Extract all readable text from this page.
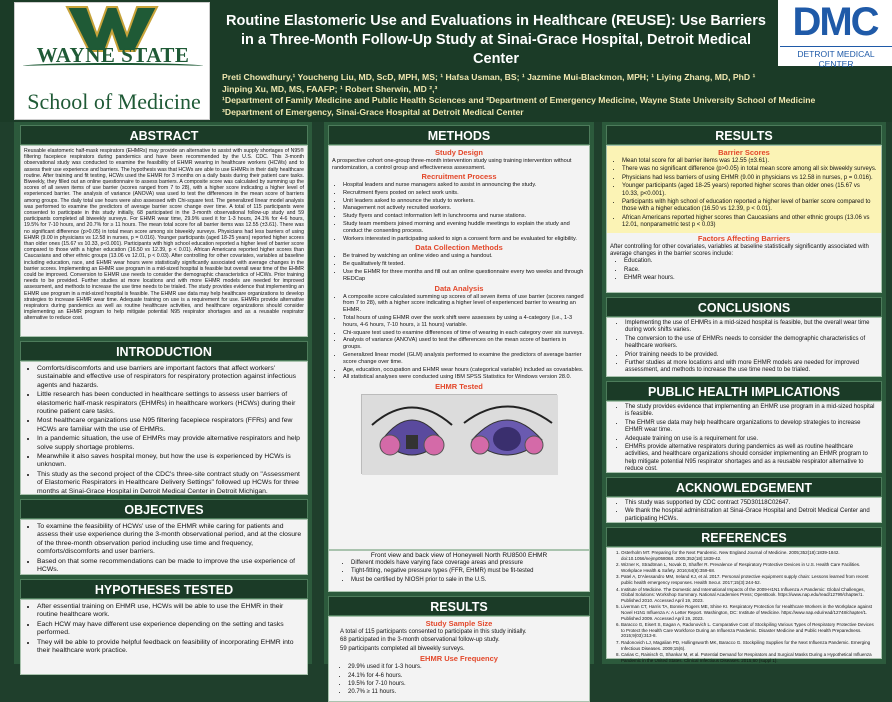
WAYNE STATE
School of Medicine
Routine Elastomeric Use and Evaluations in Healthcare (REUSE): Use Barriers in a Three-Month Follow-Up Study at Sinai-Grace Hospital, Detroit Medical Center
DMC
DETROIT MEDICAL CENTER
Preti Chowdhury,¹ Youcheng Liu, MD, ScD, MPH, MS; ¹ Hafsa Usman, BS; ¹ Jazmine Mui-Blackmon, MPH; ¹ Liying Zhang, MD, PhD ¹
Jinping Xu, MD, MS, FAAFP; ¹ Robert Sherwin, MD ²,³
¹Department of Family Medicine and Public Health Sciences and ²Department of Emergency Medicine, Wayne State University School of Medicine
³Department of Emergency, Sinai-Grace Hospital at Detroit Medical Center
ABSTRACT
Reusable elastomeric half-mask respirators (EHMRs) may provide an alternative to assist with supply shortages of N95® filtering facepiece respirators during pandemics and have been recommended by the U.S. CDC. This 3-month observational study was conducted to examine the feasibility of EHMR wearing in healthcare workers (HCWs) and to assess their use experience and barriers. The hypothesis was that HCWs are able to use EHMRs in their daily healthcare routine. After training and fit testing, HCWs used the EHMR for 3 months on a daily basis during their patient care tasks. Biweekly, they filled out an online questionnaire to assess barriers. A composite score was calculated by summing up the scores of all seven items of use barrier (scores ranged from 7 to 28), with a higher score indicating a higher level of experienced barrier. The analysis of variance (ANOVA) was used to test the differences in the mean score of barriers among groups. The daily total use hours were also assessed with Chi-square test. The generalized linear model analysis was performed to examine the predictors of average barrier score change over time. A total of 115 participants were consented to participate in this study initially, 68 participated in the 3-month observational follow-up study and 59 participants completed all biweekly surveys. For EHMR wear time, 29.9% used it for 1-3 hours, 24.1% for 4-6 hours, 19.5% for 7-10 hours, and 20.7% for ≥ 11 hours. The mean total score for all barrier items was 12.55 (±3.61). There was no significant difference (p>0.05) in total mean score among six biweekly surveys. Physicians had less barriers of using EHMR (9.00 in physicians vs 12.58 in nurses, p = 0.016). Younger participants (aged 18-25 years) reported higher scores than older ones (15.67 vs 10.33, p<0.001). Participants with high school education reported a higher level of barrier score compared to those with a higher education (16.50 vs 12.39, p < 0.01). African Americans reported higher scores than Caucasians and other ethnic groups (13.06 vs 12.01, p < 0.03). After controlling for other covariates, variables at baseline including education, race, and EHMR wear hours were statistically significantly associated with average changes in the barrier scores. Implementing an EHMR use program in a mid-sized hospital is feasible but overall wear time of the EHMR could be improved. Conversion to EHMR use needs to consider the demographic characteristics of HCWs. Prior training needs to be provided. Further studies at more locations and with more EHMR models are needed for improved assessment, and methods to increase the use time needs to be trialed. The study provides evidence that implementing an EHMR use program in a mid-sized hospital is feasible. The EHMR use data may help healthcare organizations to develop strategies to increase EHMR wear time. Adequate training on use is a requirement for use. EHMRs provide alternative respirators during pandemics as well as routine healthcare activities, and healthcare organizations should consider implementing an EHMR program to help mitigate potential N95 respirator shortages and as a reusable respirator alternative to reduce cost.
INTRODUCTION
• Comforts/discomforts and use barriers are important factors that affect workers' sustainable and effective use of respirators for respiratory protection against infectious agents and hazards.
• Little research has been conducted in healthcare settings to assess user barriers of elastomeric half-mask respirators (EHMRs) in healthcare workers (HCWs) during their routine patient care tasks.
• Most healthcare organizations use N95 filtering facepiece respirators (FFRs) and few HCWs are familiar with the use of EHMRs.
• In a pandemic situation, the use of EHMRs may provide alternative respirators and help solve supply shortage problems.
• Meanwhile it also saves hospital money, but how the use is experienced by HCWs is unknown.
• This study as the second project of the CDC's three-site contract study on "Assessment of Elastomeric Respirators in Healthcare Delivery Settings" followed up HCWs for three months at Sinai-Grace Hospital in Detroit Medical Center in Detroit Michigan.
OBJECTIVES
• To examine the feasibility of HCWs' use of the EHMR while caring for patients and assess their use experience during the 3-month observational period, and at the closure of the three-month observation period including use time and frequency, comforts/discomforts and user barriers.
• Based on that some recommendations can be made to improve the use experience of HCWs.
HYPOTHESES TESTED
• After essential training on EHMR use, HCWs will be able to use the EHMR in their routine healthcare work.
• Each HCW may have different use experience depending on the setting and tasks performed.
• They will be able to provide helpful feedback on feasibility of incorporating EHMR into their healthcare work practice.
METHODS
Study Design
A prospective cohort one-group three-month intervention study using training intervention without randomization, a control group and effectiveness assessment.
Recruitment Process
• Hospital leaders and nurse managers asked to assist in announcing the study.
• Recruitment flyers posted on select work units.
• Unit leaders asked to announce the study to workers.
• Management not actively recruited workers.
• Study flyers and contact information left in lunchrooms and nurse stations.
• Study team members joined morning and evening huddle meetings to explain the study and conduct the consenting process.
• Workers interested in participating asked to sign a consent form and be evaluated for eligibility.
Data Collection Methods
• Be trained by watching an online video and using a handout.
• Be qualitatively fit tested.
• Use the EHMR for three months and fill out an online questionnaire every two weeks and through REDCap
Data Analysis
• A composite score calculated summing up scores of all seven items of use barrier (scores ranged from 7 to 28), with a higher score indicating a higher level of experienced barrier to wearing an EHMR.
• Total hours of using EHMR over the work shift were assesses by using a 4-category (i.e., 1-3 hours, 4-6 hours, 7-10 hours, ≥ 11 hours) variable.
• Chi-square test used to examine differences of time of wearing in each category over six surveys.
• Analysis of variance (ANOVA) used to test the differences on the mean score of barriers in groups.
• Generalized linear model (GLM) analysis performed to examine the predictors of average barrier score change over time.
• Age, education, occupation and EHMR wear hours (categorical variable) included as covariables.
• All statistical analyses were conducted using IBM SPSS Statistics for Windows version 28.0.
EHMR Tested
Front view and back view of Honeywell North RU8500 EHMR
• Different models have varying face coverage areas and pressure
• Tight-fitting, negative pressure types (FFR, EHMR) must be fit-tested
• Must be certified by NIOSH prior to sale in the U.S.
RESULTS
Study Sample Size
A total of 115 participants consented to participate in this study initially.
68 participated in the 3-month observational follow-up study.
59 participants completed all biweekly surveys.
EHMR Use Frequency
• 29.9% used it for 1-3 hours.
• 24.1% for 4-6 hours.
• 19.5% for 7-10 hours.
• 20.7% ≥ 11 hours.
RESULTS
Barrier Scores
• Mean total score for all barrier items was 12.55 (±3.61).
• There was no significant difference (p>0.05) in total mean score among all six biweekly surveys.
• Physicians had less barriers of using EHMR (9.00 in physicians vs 12.58 in nurses, p = 0.016).
• Younger participants (aged 18-25 years) reported higher scores than older ones (15.67 vs 10.33, p<0.001).
• Participants with high school of education reported a higher level of barrier score compared to those with a higher education (16.50 vs 12.39, p < 0.01).
• African Americans reported higher scores than Caucasians and other ethnic groups (13.06 vs 12.01, nonparametric test p < 0.03)
Factors Affecting Barriers
After controlling for other covariates, variables at baseline statistically significantly associated with average changes in the barrier scores include:
• Education.
• Race.
• EHMR wear hours.
CONCLUSIONS
• Implementing the use of EHMRs in a mid-sized hospital is feasible, but the overall wear time during work shifts varies.
• The conversion to the use of EHMRs needs to consider the demographic characteristics of healthcare workers.
• Prior training needs to be provided.
• Further studies at more locations and with more EHMR models are needed for improved assessment, and methods to increase the use time need to be trialed.
PUBLIC HEALTH IMPLICATIONS
• The study provides evidence that implementing an EHMR use program in a mid-sized hospital is feasible.
• The EHMR use data may help healthcare organizations to develop strategies to increase EHMR wear time.
• Adequate training on use is a requirement for use.
• EHMRs provide alternative respirators during pandemics as well as routine healthcare activities, and healthcare organizations should consider implementing an EHMR program to help mitigate potential N95 respirator shortages and as a reusable respirator alternative to reduce cost.
ACKNOWLEDGEMENT
• This study was supported by CDC contract 75D30118C02647.
• We thank the hospital administration at Sinai-Grace Hospital and Detroit Medical Center and participating HCWs.
REFERENCES
1. Osterholm MT. Preparing for the Next Pandemic. New England Journal of Medicine. 2005;352(18):1839-1842. doi:10.1056/nejmp058068. 2005;352(18):1839-42.
2. Wizner K, Stradtman L, Novak D, Shaffer R. Prevalence of Respiratory Protective Devices in U.S. Health Care Facilities. Workplace Health & Safety. 2016;64(8):359-68.
3. Patel A, D'Alessandro MM, Ireland KJ, et al. 2017. Personal protective equipment supply chain: Lessons learned from recent public health emergency responses. Health Secur. 2017;15(3):244-52.
4. Institute of Medicine. The Domestic and International Impacts of the 2009-H1N1 Influenza A Pandemic: Global Challenges, Global Solutions: Workshop Summary. National Academies Press; OpenBook. https://www.nap.edu/read/12799/chapter/1. Published 2010. Accessed April 19, 2023.
5. Liverman CT, Harris TA, Bonnie Rogers ME, Shine KI. Respiratory Protection for Healthcare Workers in the Workplace against Novel H1N1 Influenza A: A Letter Report. Washington, DC: Institute of Medicine. https://www.nap.edu/read/12748/chapter/1. Published 2009. Accessed April 19, 2023.
6. Baracco G, Eisert S, Eagan A, Radonovich L. Comparative Cost of Stockpiling Various Types of Respiratory Protective Devices to Protect the Health Care Workforce During an Influenza Pandemic. Disaster Medicine and Public Health Preparedness. 2015;9(03):313-8.
7. Radonovich LJ, Magalian PD, Hollingsworth MK, Baracco G. Stockpiling Supplies for the Next Influenza Pandemic. Emerging Infectious Diseases. 2009;15(6).
8. Carias C, Rainisch G, Shankar M, et al. Potential Demand for Respirators and Surgical Masks During a Hypothetical Influenza Pandemic in the United States. Clinical Infectious Diseases. 2015;60 (suppl 1).
